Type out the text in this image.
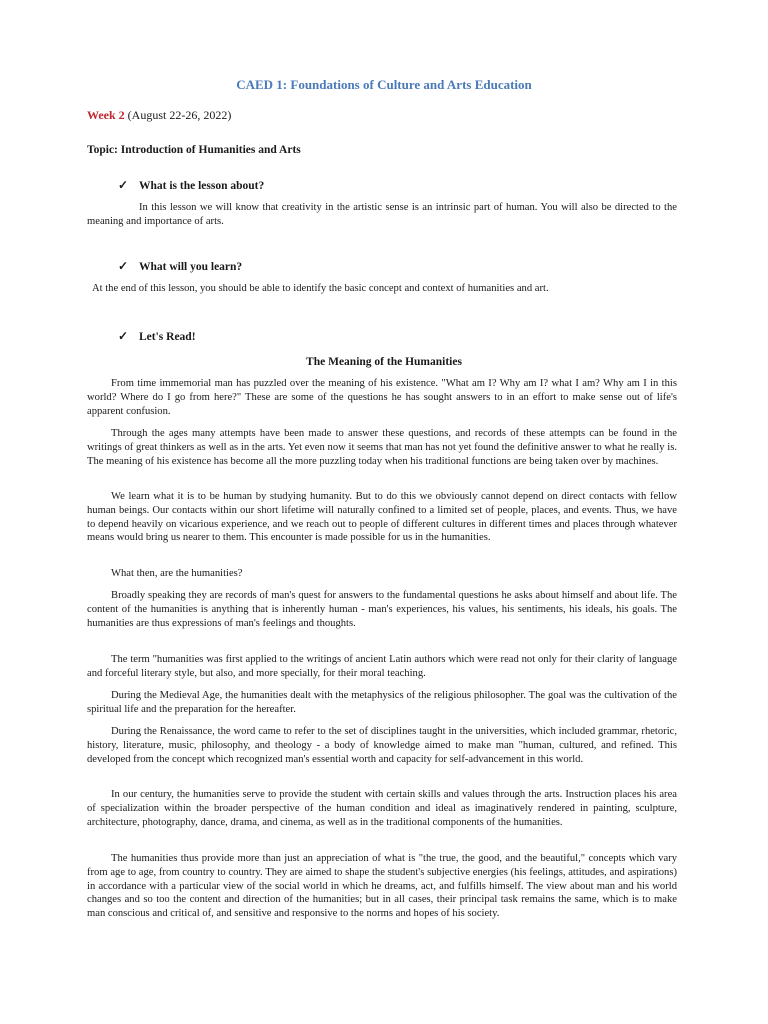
CAED 1: Foundations of Culture and Arts Education

Week 2 (August 22-26, 2022)

Topic: Introduction of Humanities and Arts

✓ What is the lesson about?

In this lesson we will know that creativity in the artistic sense is an intrinsic part of human. You will also be directed to the meaning and importance of arts.

✓ What will you learn?

At the end of this lesson, you should be able to identify the basic concept and context of humanities and art.

✓ Let's Read!
The Meaning of the Humanities

From time immemorial man has puzzled over the meaning of his existence. "What am I? Why am I? what I am? Why am I in this world? Where do I go from here?" These are some of the questions he has sought answers to in an effort to make sense out of life's apparent confusion.

Through the ages many attempts have been made to answer these questions, and records of these attempts can be found in the writings of great thinkers as well as in the arts. Yet even now it seems that man has not yet found the definitive answer to what he really is. The meaning of his existence has become all the more puzzling today when his traditional functions are being taken over by machines.

We learn what it is to be human by studying humanity. But to do this we obviously cannot depend on direct contacts with fellow human beings. Our contacts within our short lifetime will naturally confined to a limited set of people, places, and events. Thus, we have to depend heavily on vicarious experience, and we reach out to people of different cultures in different times and places through whatever means would bring us nearer to them. This encounter is made possible for us in the humanities.

What then, are the humanities?

Broadly speaking they are records of man's quest for answers to the fundamental questions he asks about himself and about life. The content of the humanities is anything that is inherently human - man's experiences, his values, his sentiments, his ideals, his goals. The humanities are thus expressions of man's feelings and thoughts.

The term "humanities was first applied to the writings of ancient Latin authors which were read not only for their clarity of language and forceful literary style, but also, and more specially, for their moral teaching.

During the Medieval Age, the humanities dealt with the metaphysics of the religious philosopher. The goal was the cultivation of the spiritual life and the preparation for the hereafter.

During the Renaissance, the word came to refer to the set of disciplines taught in the universities, which included grammar, rhetoric, history, literature, music, philosophy, and theology - a body of knowledge aimed to make man "human, cultured, and refined. This developed from the concept which recognized man's essential worth and capacity for self-advancement in this world.

In our century, the humanities serve to provide the student with certain skills and values through the arts. Instruction places his area of specialization within the broader perspective of the human condition and ideal as imaginatively rendered in painting, sculpture, architecture, photography, dance, drama, and cinema, as well as in the traditional components of the humanities.

The humanities thus provide more than just an appreciation of what is "the true, the good, and the beautiful," concepts which vary from age to age, from country to country. They are aimed to shape the student's subjective energies (his feelings, attitudes, and aspirations) in accordance with a particular view of the social world in which he dreams, act, and fulfills himself. The view about man and his world changes and so too the content and direction of the humanities; but in all cases, their principal task remains the same, which is to make man conscious and critical of, and sensitive and responsive to the norms and hopes of his society.
